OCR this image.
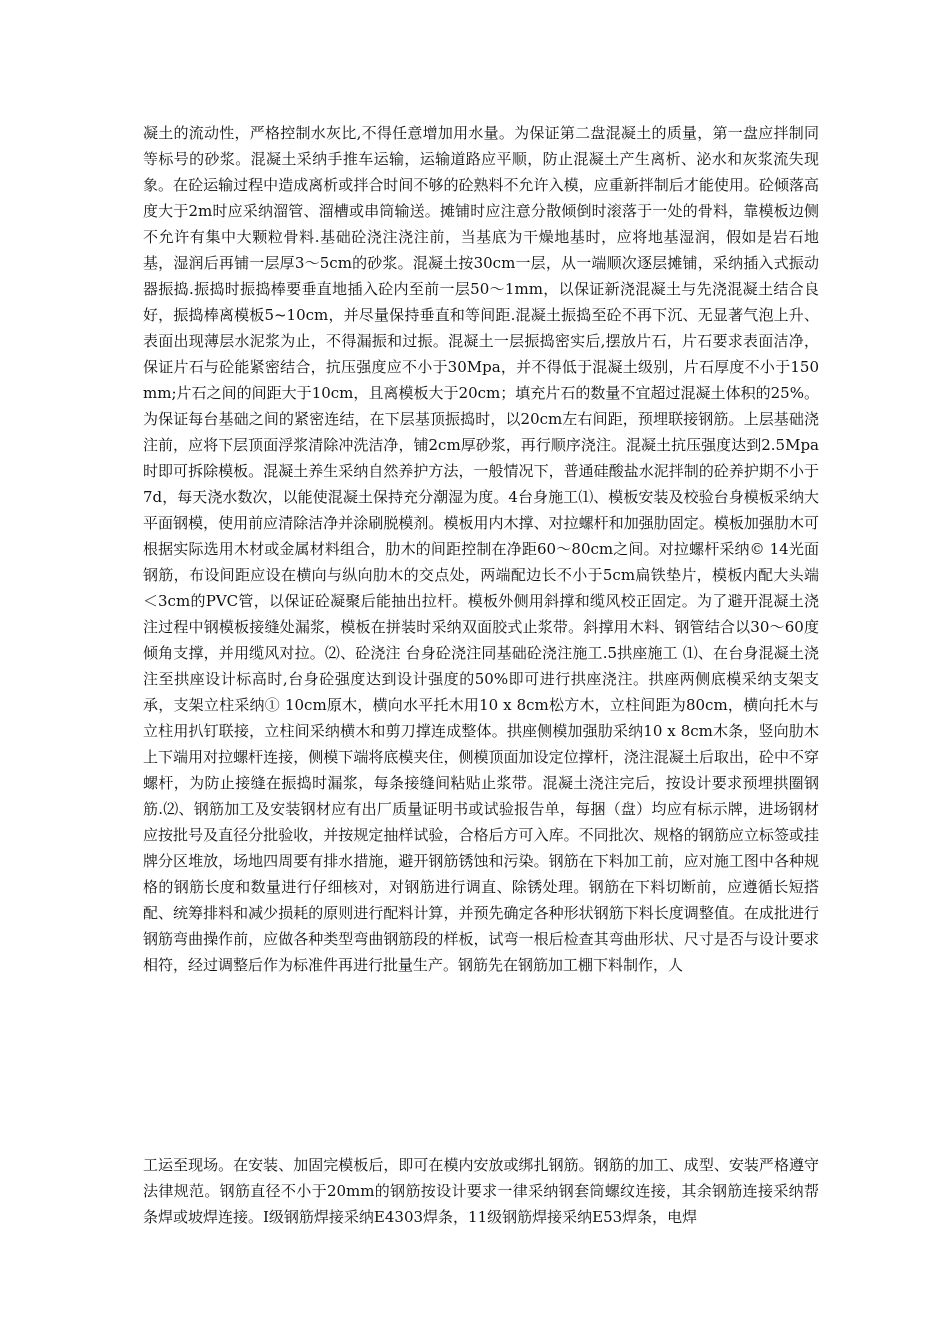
凝土的流动性，严格控制水灰比,不得任意增加用水量。为保证第二盘混凝土的质量，第一盘应拌制同等标号的砂浆。混凝土采纳手推车运输，运输道路应平顺，防止混凝土产生离析、泌水和灰浆流失现象。在砼运输过程中造成离析或拌合时间不够的砼熟料不允许入模，应重新拌制后才能使用。砼倾落高度大于2m时应采纳溜管、溜槽或串筒输送。摊铺时应注意分散倾倒时滚落于一处的骨料，靠模板边侧不允许有集中大颗粒骨料.基础砼浇注浇注前，当基底为干燥地基时，应将地基湿润，假如是岩石地基，湿润后再铺一层厚3〜5cm的砂浆。混凝土按30cm一层，从一端顺次逐层摊铺，采纳插入式振动器振捣.振捣时振捣棒要垂直地插入砼内至前一层50〜1mm，以保证新浇混凝土与先浇混凝土结合良好，振捣棒离模板5~10cm，并尽量保持垂直和等间距.混凝土振捣至砼不再下沉、无显著气泡上升、表面出现薄层水泥浆为止，不得漏振和过振。混凝土一层振捣密实后,摆放片石，片石要求表面洁净，保证片石与砼能紧密结合，抗压强度应不小于30Mpa，并不得低于混凝土级别，片石厚度不小于150mm;片石之间的间距大于10cm，且离模板大于20cm；填充片石的数量不宜超过混凝土体积的25%。为保证每台基础之间的紧密连结，在下层基顶振捣时，以20cm左右间距，预埋联接钢筋。上层基础浇注前，应将下层顶面浮浆清除冲洗洁净，铺2cm厚砂浆，再行顺序浇注。混凝土抗压强度达到2.5Mpa时即可拆除模板。混凝土养生采纳自然养护方法，一般情况下，普通硅酸盐水泥拌制的砼养护期不小于7d，每天浇水数次，以能使混凝土保持充分潮湿为度。4台身施工⑴、模板安装及校验台身模板采纳大平面钢模，使用前应清除洁净并涂刷脱模剂。模板用内木撑、对拉螺杆和加强肋固定。模板加强肋木可根据实际选用木材或金属材料组合，肋木的间距控制在净距60〜80cm之间。对拉螺杆采纳© 14光面钢筋，布设间距应设在横向与纵向肋木的交点处，两端配边长不小于5cm扁铁垫片，模板内配大头端＜3cm的PVC管，以保证砼凝聚后能抽出拉杆。模板外侧用斜撑和缆风校正固定。为了避开混凝土浇注过程中钢模板接缝处漏浆，模板在拼装时采纳双面胶式止浆带。斜撑用木料、钢管结合以30〜60度倾角支撑，并用缆风对拉。⑵、砼浇注 台身砼浇注同基础砼浇注施工.5拱座施工 ⑴、在台身混凝土浇注至拱座设计标高时,台身砼强度达到设计强度的50%即可进行拱座浇注。拱座两侧底模采纳支架支承，支架立柱采纳① 10cm原木，横向水平托木用10 x 8cm松方木，立柱间距为80cm，横向托木与立柱用扒钉联接，立柱间采纳横木和剪刀撑连成整体。拱座侧模加强肋采纳10 x 8cm木条，竖向肋木上下端用对拉螺杆连接，侧模下端将底模夹住，侧模顶面加设定位撑杆，浇注混凝土后取出，砼中不穿螺杆，为防止接缝在振捣时漏浆，每条接缝间粘贴止浆带。混凝土浇注完后，按设计要求预埋拱圈钢筋.⑵、钢筋加工及安装钢材应有出厂质量证明书或试验报告单，每捆（盘）均应有标示牌，进场钢材应按批号及直径分批验收，并按规定抽样试验，合格后方可入库。不同批次、规格的钢筋应立标签或挂牌分区堆放，场地四周要有排水措施，避开钢筋锈蚀和污染。钢筋在下料加工前，应对施工图中各种规格的钢筋长度和数量进行仔细核对，对钢筋进行调直、除锈处理。钢筋在下料切断前，应遵循长短搭配、统筹排料和减少损耗的原则进行配料计算，并预先确定各种形状钢筋下料长度调整值。在成批进行钢筋弯曲操作前，应做各种类型弯曲钢筋段的样板，试弯一根后检查其弯曲形状、尺寸是否与设计要求相符，经过调整后作为标准件再进行批量生产。钢筋先在钢筋加工棚下料制作，人

工运至现场。在安装、加固完模板后，即可在模内安放或绑扎钢筋。钢筋的加工、成型、安装严格遵守法律规范。钢筋直径不小于20mm的钢筋按设计要求一律采纳钢套筒螺纹连接，其余钢筋连接采纳帮条焊或坡焊连接。I级钢筋焊接采纳E4303焊条，11级钢筋焊接采纳E53焊条，电焊
